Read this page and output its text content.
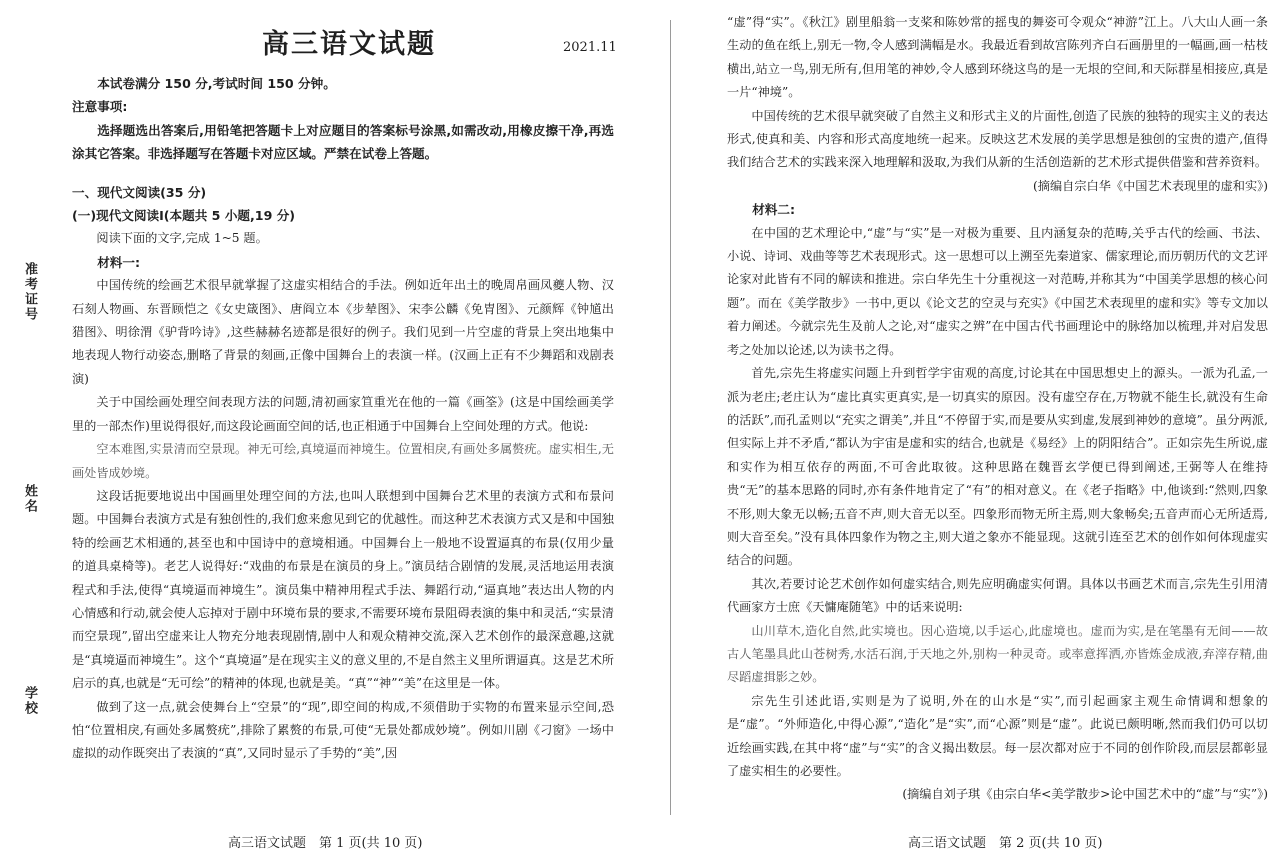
准考证号
姓名
学校
高三语文试题	2021.11

本试卷满分 150 分,考试时间 150 分钟。

注意事项:

选择题选出答案后,用铅笔把答题卡上对应题目的答案标号涂黑,如需改动,用橡皮擦干净,再选涂其它答案。非选择题写在答题卡对应区域。严禁在试卷上答题。

一、现代文阅读(35 分)

(一)现代文阅读Ⅰ(本题共 5 小题,19 分)

阅读下面的文字,完成 1~5 题。

材料一:

中国传统的绘画艺术很早就掌握了这虚实相结合的手法。例如近年出土的晚周帛画凤夔人物、汉石刻人物画、东晋顾恺之《女史箴图》、唐阎立本《步辇图》、宋李公麟《免胄图》、元颜辉《钟馗出猎图》、明徐渭《驴背吟诗》,这些赫赫名迹都是很好的例子。我们见到一片空虚的背景上突出地集中地表现人物行动姿态,删略了背景的刻画,正像中国舞台上的表演一样。(汉画上正有不少舞蹈和戏剧表演)

关于中国绘画处理空间表现方法的问题,清初画家笪重光在他的一篇《画筌》(这是中国绘画美学里的一部杰作)里说得很好,而这段论画面空间的话,也正相通于中国舞台上空间处理的方式。他说:

空本难图,实景清而空景现。神无可绘,真境逼而神境生。位置相戾,有画处多属赘疣。虚实相生,无画处皆成妙境。

这段话扼要地说出中国画里处理空间的方法,也叫人联想到中国舞台艺术里的表演方式和布景问题。中国舞台表演方式是有独创性的,我们愈来愈见到它的优越性。而这种艺术表演方式又是和中国独特的绘画艺术相通的,甚至也和中国诗中的意境相通。中国舞台上一般地不设置逼真的布景(仅用少量的道具桌椅等)。老艺人说得好:“戏曲的布景是在演员的身上。”演员结合剧情的发展,灵活地运用表演程式和手法,使得“真境逼而神境生”。演员集中精神用程式手法、舞蹈行动,“逼真地”表达出人物的内心情感和行动,就会使人忘掉对于剧中环境布景的要求,不需要环境布景阻碍表演的集中和灵活,“实景清而空景现”,留出空虚来让人物充分地表现剧情,剧中人和观众精神交流,深入艺术创作的最深意趣,这就是“真境逼而神境生”。这个“真境逼”是在现实主义的意义里的,不是自然主义里所谓逼真。这是艺术所启示的真,也就是“无可绘”的精神的体现,也就是美。“真”“神”“美”在这里是一体。

做到了这一点,就会使舞台上“空景”的“现”,即空间的构成,不须借助于实物的布置来显示空间,恐怕“位置相戾,有画处多属赘疣”,排除了累赘的布景,可使“无景处都成妙境”。例如川剧《刁窗》一场中虚拟的动作既突出了表演的“真”,又同时显示了手势的“美”,因

高三语文试题　第 1 页(共 10 页)

“虚”得“实”。《秋江》剧里船翁一支桨和陈妙常的摇曳的舞姿可令观众“神游”江上。八大山人画一条生动的鱼在纸上,别无一物,令人感到满幅是水。我最近看到故宫陈列齐白石画册里的一幅画,画一枯枝横出,站立一鸟,别无所有,但用笔的神妙,令人感到环绕这鸟的是一无垠的空间,和天际群星相接应,真是一片“神境”。

中国传统的艺术很早就突破了自然主义和形式主义的片面性,创造了民族的独特的现实主义的表达形式,使真和美、内容和形式高度地统一起来。反映这艺术发展的美学思想是独创的宝贵的遗产,值得我们结合艺术的实践来深入地理解和汲取,为我们从新的生活创造新的艺术形式提供借鉴和营养资料。

(摘编自宗白华《中国艺术表现里的虚和实》)

材料二:

在中国的艺术理论中,“虚”与“实”是一对极为重要、且内涵复杂的范畴,关乎古代的绘画、书法、小说、诗词、戏曲等等艺术表现形式。这一思想可以上溯至先秦道家、儒家理论,而历朝历代的文艺评论家对此皆有不同的解读和推进。宗白华先生十分重视这一对范畴,并称其为“中国美学思想的核心问题”。而在《美学散步》一书中,更以《论文艺的空灵与充实》《中国艺术表现里的虚和实》等专文加以着力阐述。今就宗先生及前人之论,对“虚实之辨”在中国古代书画理论中的脉络加以梳理,并对启发思考之处加以论述,以为读书之得。

首先,宗先生将虚实问题上升到哲学宇宙观的高度,讨论其在中国思想史上的源头。一派为孔孟,一派为老庄;老庄认为“虚比真实更真实,是一切真实的原因。没有虚空存在,万物就不能生长,就没有生命的活跃”,而孔孟则以“充实之谓美”,并且“不停留于实,而是要从实到虚,发展到神妙的意境”。虽分两派,但实际上并不矛盾,“都认为宇宙是虚和实的结合,也就是《易经》上的阴阳结合”。正如宗先生所说,虚和实作为相互依存的两面,不可舍此取彼。这种思路在魏晋玄学便已得到阐述,王弼等人在维持贵“无”的基本思路的同时,亦有条件地肯定了“有”的相对意义。在《老子指略》中,他谈到:“然则,四象不形,则大象无以畅;五音不声,则大音无以至。四象形而物无所主焉,则大象畅矣;五音声而心无所适焉,则大音至矣。”没有具体四象作为物之主,则大道之象亦不能显现。这就引连至艺术的创作如何体现虚实结合的问题。

其次,若要讨论艺术创作如何虚实结合,则先应明确虚实何谓。具体以书画艺术而言,宗先生引用清代画家方士庶《天慵庵随笔》中的话来说明:

山川草木,造化自然,此实境也。因心造境,以手运心,此虚境也。虚而为实,是在笔墨有无间——故古人笔墨具此山苍树秀,水活石润,于天地之外,别构一种灵奇。或率意挥洒,亦皆炼金成液,弃滓存精,曲尽蹈虚揖影之妙。

宗先生引述此语,实则是为了说明,外在的山水是“实”,而引起画家主观生命情调和想象的是“虚”。“外师造化,中得心源”,“造化”是“实”,而“心源”则是“虚”。此说已颇明晰,然而我们仍可以切近绘画实践,在其中将“虚”与“实”的含义揭出数层。每一层次都对应于不同的创作阶段,而层层都彰显了虚实相生的必要性。

(摘编自刘子琪《由宗白华<美学散步>论中国艺术中的“虚”与“实”》)

高三语文试题　第 2 页(共 10 页)
